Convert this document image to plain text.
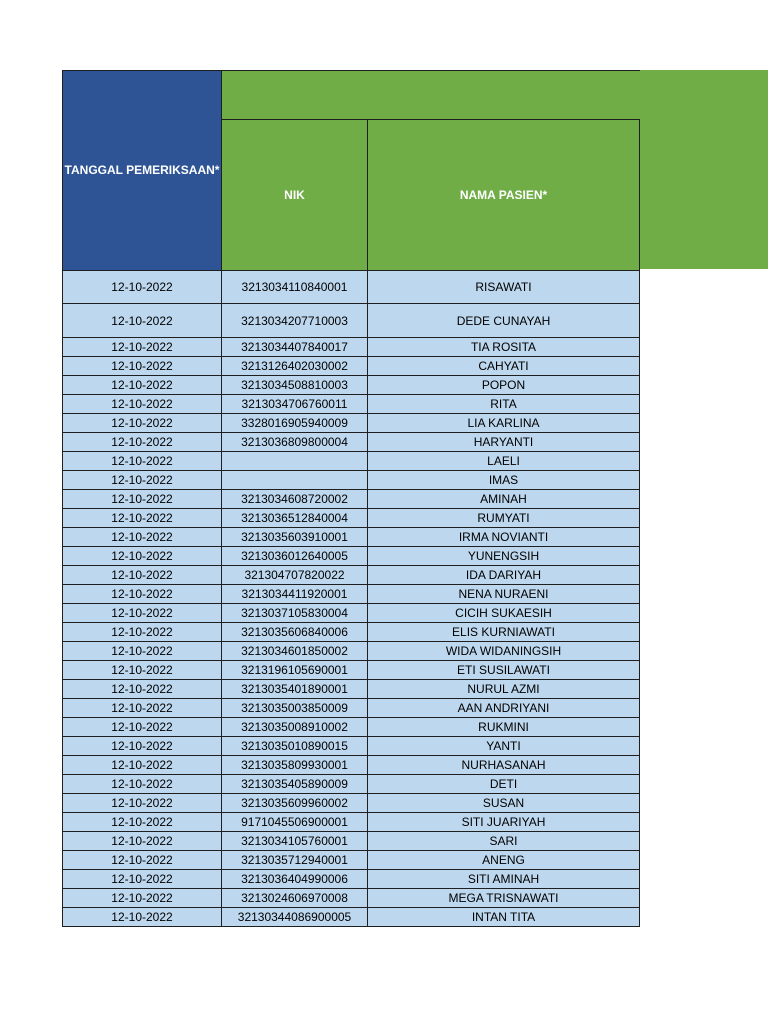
TANGGAL PEMERIKSAAN*		
	NIK	NAMA PASIEN*
12-10-2022	3213034110840001	RISAWATI
12-10-2022	3213034207710003	DEDE CUNAYAH
12-10-2022	3213034407840017	TIA ROSITA
12-10-2022	3213126402030002	CAHYATI
12-10-2022	3213034508810003	POPON
12-10-2022	3213034706760011	RITA
12-10-2022	3328016905940009	LIA KARLINA
12-10-2022	3213036809800004	HARYANTI
12-10-2022		LAELI
12-10-2022		IMAS
12-10-2022	3213034608720002	AMINAH
12-10-2022	3213036512840004	RUMYATI
12-10-2022	3213035603910001	IRMA NOVIANTI
12-10-2022	3213036012640005	YUNENGSIH
12-10-2022	321304707820022	IDA DARIYAH
12-10-2022	3213034411920001	NENA NURAENI
12-10-2022	3213037105830004	CICIH SUKAESIH
12-10-2022	3213035606840006	ELIS KURNIAWATI
12-10-2022	3213034601850002	WIDA WIDANINGSIH
12-10-2022	3213196105690001	ETI SUSILAWATI
12-10-2022	3213035401890001	NURUL AZMI
12-10-2022	3213035003850009	AAN ANDRIYANI
12-10-2022	3213035008910002	RUKMINI
12-10-2022	3213035010890015	YANTI
12-10-2022	3213035809930001	NURHASANAH
12-10-2022	3213035405890009	DETI
12-10-2022	3213035609960002	SUSAN
12-10-2022	9171045506900001	SITI JUARIYAH
12-10-2022	3213034105760001	SARI
12-10-2022	3213035712940001	ANENG
12-10-2022	3213036404990006	SITI AMINAH
12-10-2022	3213024606970008	MEGA TRISNAWATI
12-10-2022	32130344086900005	INTAN TITA
